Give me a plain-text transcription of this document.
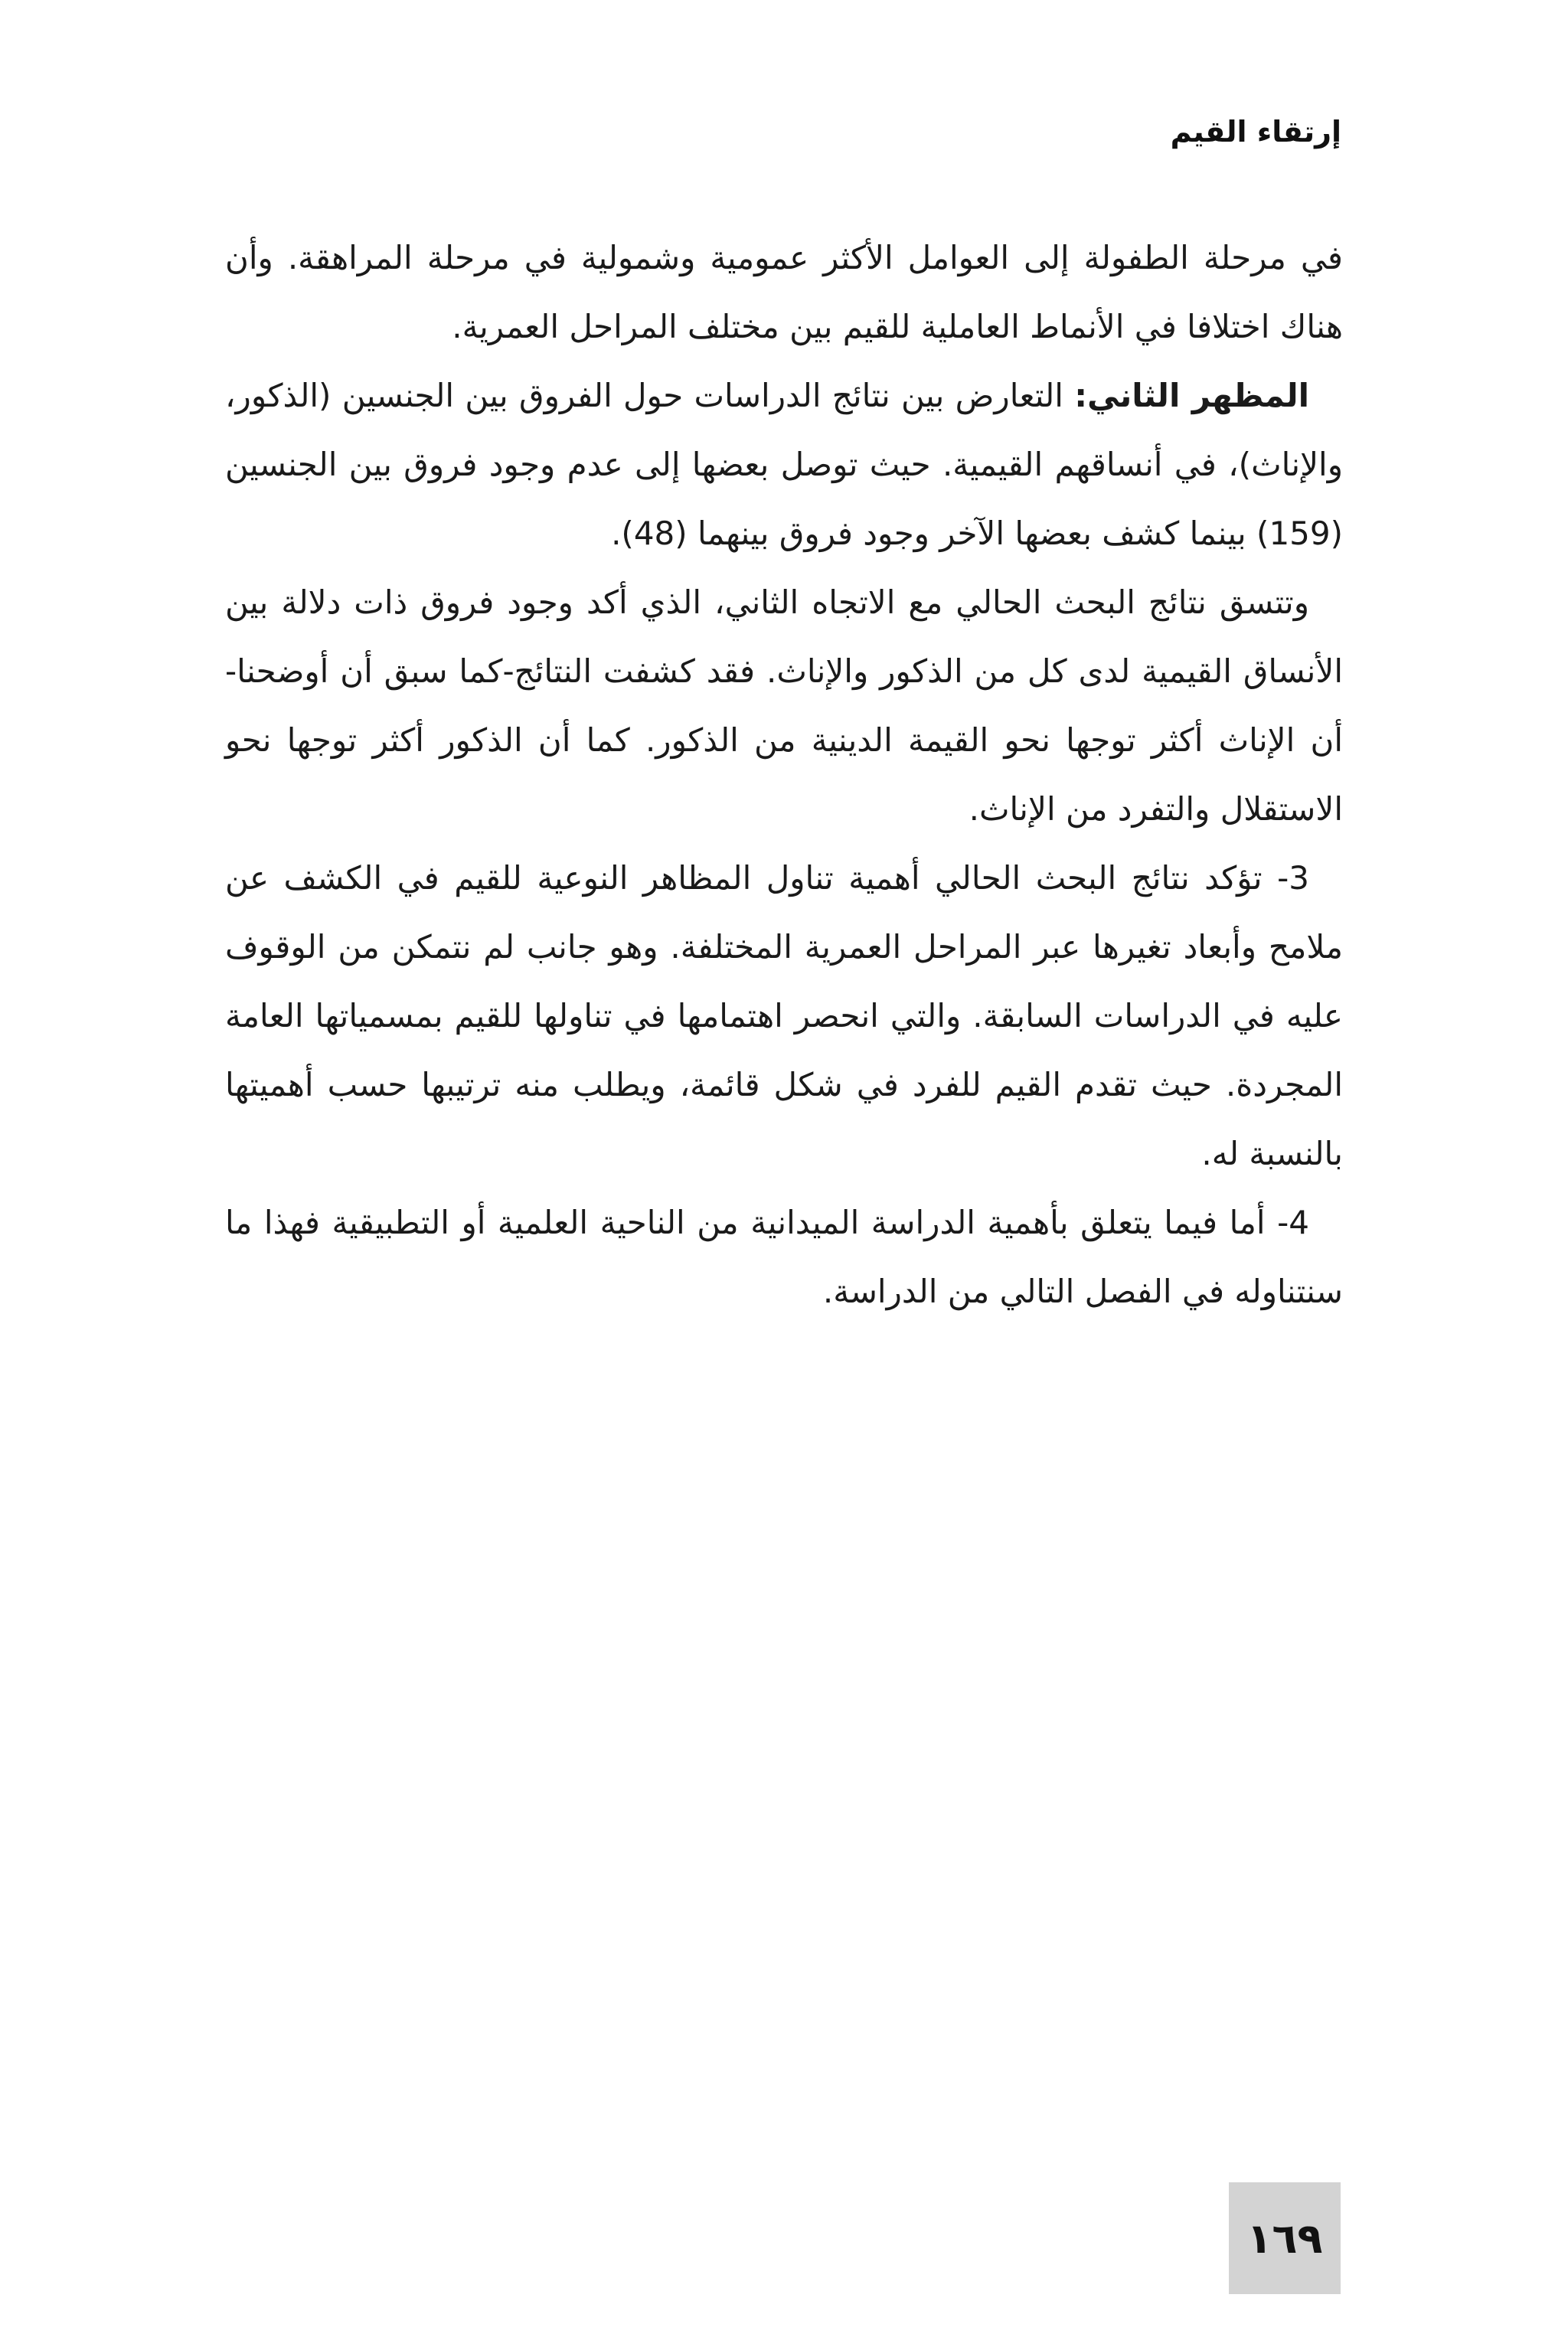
إرتقاء القيم

في مرحلة الطفولة إلى العوامل الأكثر عمومية وشمولية في مرحلة المراهقة. وأن هناك اختلافا في الأنماط العاملية للقيم بين مختلف المراحل العمرية.

المظهر الثاني: التعارض بين نتائج الدراسات حول الفروق بين الجنسين (الذكور، والإناث)، في أنساقهم القيمية. حيث توصل بعضها إلى عدم وجود فروق بين الجنسين (159) بينما كشف بعضها الآخر وجود فروق بينهما (48).

وتتسق نتائج البحث الحالي مع الاتجاه الثاني، الذي أكد وجود فروق ذات دلالة بين الأنساق القيمية لدى كل من الذكور والإناث. فقد كشفت النتائج-كما سبق أن أوضحنا-أن الإناث أكثر توجها نحو القيمة الدينية من الذكور. كما أن الذكور أكثر توجها نحو الاستقلال والتفرد من الإناث.

3- تؤكد نتائج البحث الحالي أهمية تناول المظاهر النوعية للقيم في الكشف عن ملامح وأبعاد تغيرها عبر المراحل العمرية المختلفة. وهو جانب لم نتمكن من الوقوف عليه في الدراسات السابقة. والتي انحصر اهتمامها في تناولها للقيم بمسمياتها العامة المجردة. حيث تقدم القيم للفرد في شكل قائمة، ويطلب منه ترتيبها حسب أهميتها بالنسبة له.

4- أما فيما يتعلق بأهمية الدراسة الميدانية من الناحية العلمية أو التطبيقية فهذا ما سنتناوله في الفصل التالي من الدراسة.

١٦٩
